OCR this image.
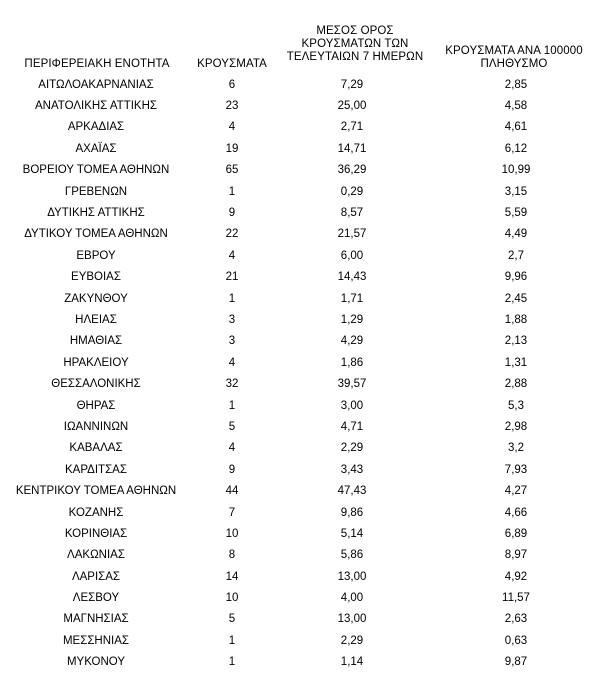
ΠΕΡΙΦΕΡΕΙΑΚΗ ΕΝΟΤΗΤΑ	ΚΡΟΥΣΜΑΤΑ
ΜΕΣΟΣ ΟΡΟΣ
ΚΡΟΥΣΜΑΤΩΝ ΤΩΝ
ΤΕΛΕΥΤΑΙΩΝ 7 ΗΜΕΡΩΝ	ΚΡΟΥΣΜΑΤΑ ΑΝΑ 100000
ΠΛΗΘΥΣΜΟ
ΑΙΤΩΛΟΑΚΑΡΝΑΝΙΑΣ	6	7,29	2,85
ΑΝΑΤΟΛΙΚΗΣ ΑΤΤΙΚΗΣ	23	25,00	4,58
ΑΡΚΑΔΙΑΣ	4	2,71	4,61
ΑΧΑΪΑΣ	19	14,71	6,12
ΒΟΡΕΙΟΥ ΤΟΜΕΑ ΑΘΗΝΩΝ	65	36,29	10,99
ΓΡΕΒΕΝΩΝ	1	0,29	3,15
ΔΥΤΙΚΗΣ ΑΤΤΙΚΗΣ	9	8,57	5,59
ΔΥΤΙΚΟΥ ΤΟΜΕΑ ΑΘΗΝΩΝ	22	21,57	4,49
ΕΒΡΟΥ	4	6,00	2,7
ΕΥΒΟΙΑΣ	21	14,43	9,96
ΖΑΚΥΝΘΟΥ	1	1,71	2,45
ΗΛΕΙΑΣ	3	1,29	1,88
ΗΜΑΘΙΑΣ	3	4,29	2,13
ΗΡΑΚΛΕΙΟΥ	4	1,86	1,31
ΘΕΣΣΑΛΟΝΙΚΗΣ	32	39,57	2,88
ΘΗΡΑΣ	1	3,00	5,3
ΙΩΑΝΝΙΝΩΝ	5	4,71	2,98
ΚΑΒΑΛΑΣ	4	2,29	3,2
ΚΑΡΔΙΤΣΑΣ	9	3,43	7,93
ΚΕΝΤΡΙΚΟΥ ΤΟΜΕΑ ΑΘΗΝΩΝ	44	47,43	4,27
ΚΟΖΑΝΗΣ	7	9,86	4,66
ΚΟΡΙΝΘΙΑΣ	10	5,14	6,89
ΛΑΚΩΝΙΑΣ	8	5,86	8,97
ΛΑΡΙΣΑΣ	14	13,00	4,92
ΛΕΣΒΟΥ	10	4,00	11,57
ΜΑΓΝΗΣΙΑΣ	5	13,00	2,63
ΜΕΣΣΗΝΙΑΣ	1	2,29	0,63
ΜΥΚΟΝΟΥ	1	1,14	9,87
